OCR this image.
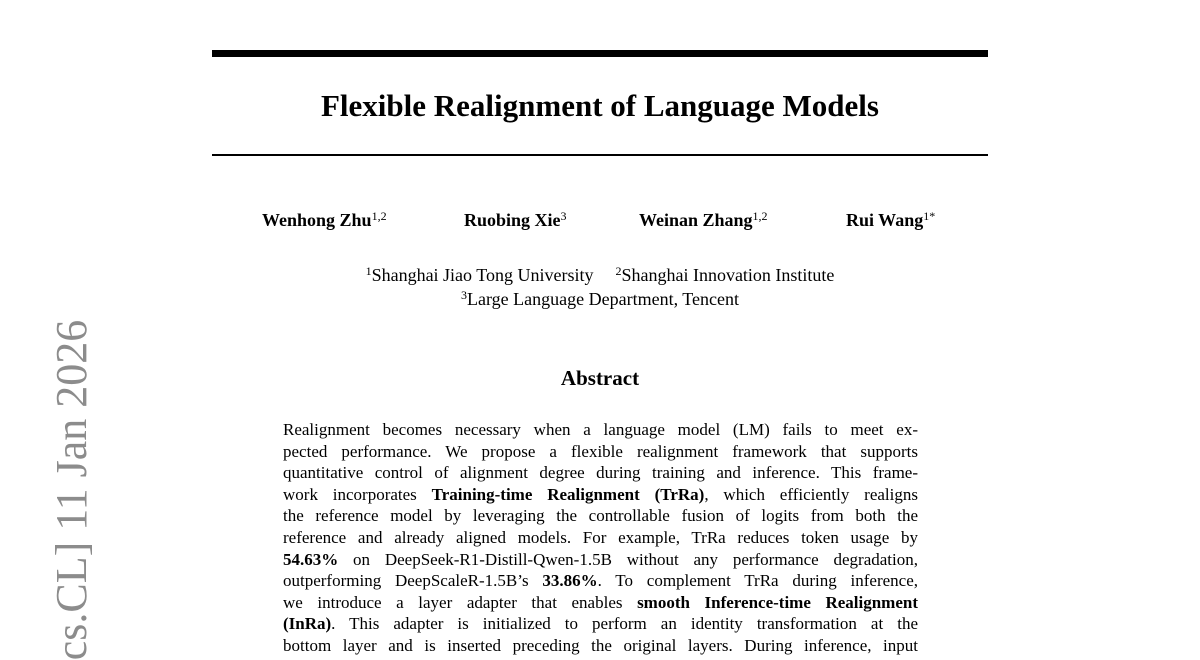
cs.CL] 11 Jan 2026
Flexible Realignment of Language Models
Wenhong Zhu$^{1,2}$	Ruobing Xie$^3$	Weinan Zhang$^{1,2}$	Rui Wang$^{1*}$
$^1$Shanghai Jiao Tong University $^2$Shanghai Innovation Institute
$^3$Large Language Department, Tencent
Abstract
Realignment becomes necessary when a language model (LM) fails to meet ex-
pected performance. We propose a flexible realignment framework that supports
quantitative control of alignment degree during training and inference. This frame-
work incorporates Training-time Realignment (TrRa), which efficiently realigns
the reference model by leveraging the controllable fusion of logits from both the
reference and already aligned models. For example, TrRa reduces token usage by
54.63% on DeepSeek-R1-Distill-Qwen-1.5B without any performance degradation,
outperforming DeepScaleR-1.5B’s 33.86%. To complement TrRa during inference,
we introduce a layer adapter that enables smooth Inference-time Realignment
(InRa). This adapter is initialized to perform an identity transformation at the
bottom layer and is inserted preceding the original layers. During inference, input
